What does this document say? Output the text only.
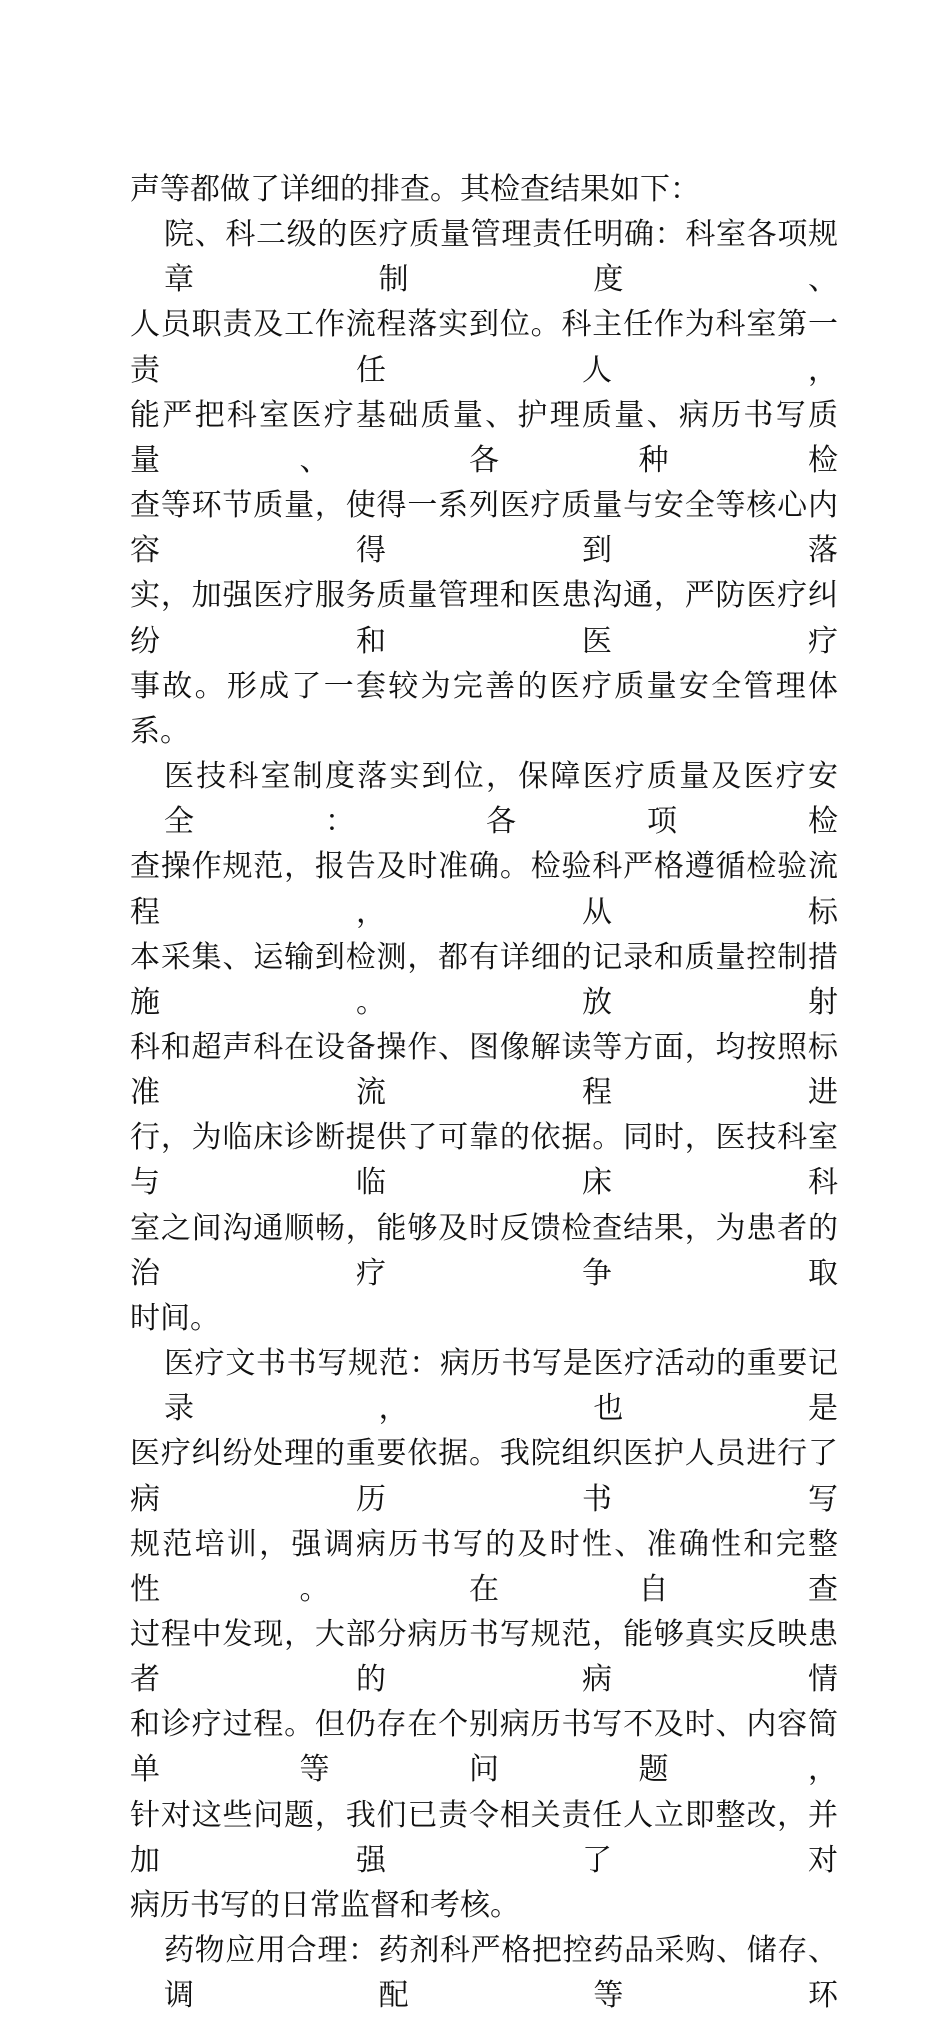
声等都做了详细的排查。其检查结果如下：
院、科二级的医疗质量管理责任明确：科室各项规章制度、
人员职责及工作流程落实到位。科主任作为科室第一责任人，
能严把科室医疗基础质量、护理质量、病历书写质量、各种检
查等环节质量，使得一系列医疗质量与安全等核心内容得到落
实，加强医疗服务质量管理和医患沟通，严防医疗纠纷和医疗
事故。形成了一套较为完善的医疗质量安全管理体系。
医技科室制度落实到位，保障医疗质量及医疗安全：各项检
查操作规范，报告及时准确。检验科严格遵循检验流程，从标
本采集、运输到检测，都有详细的记录和质量控制措施。放射
科和超声科在设备操作、图像解读等方面，均按照标准流程进
行，为临床诊断提供了可靠的依据。同时，医技科室与临床科
室之间沟通顺畅，能够及时反馈检查结果，为患者的治疗争取
时间。
医疗文书书写规范：病历书写是医疗活动的重要记录，也是
医疗纠纷处理的重要依据。我院组织医护人员进行了病历书写
规范培训，强调病历书写的及时性、准确性和完整性。在自查
过程中发现，大部分病历书写规范，能够真实反映患者的病情
和诊疗过程。但仍存在个别病历书写不及时、内容简单等问题，
针对这些问题，我们已责令相关责任人立即整改，并加强了对
病历书写的日常监督和考核。
药物应用合理：药剂科严格把控药品采购、储存、调配等环
